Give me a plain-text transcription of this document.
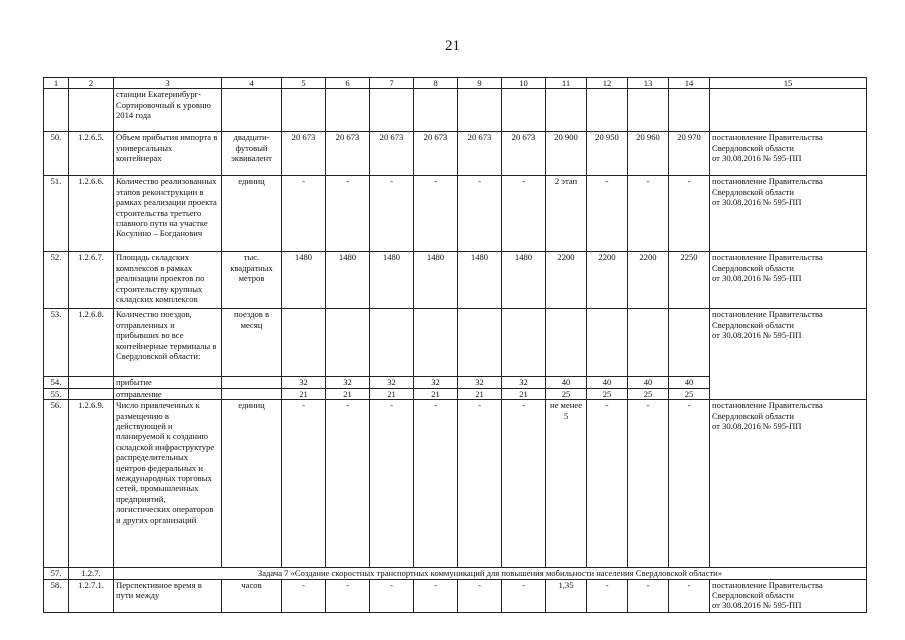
21
1	2	3	4	5	6	7	8	9	10	11	12	13	14	15
		станции Екатеринбург-Сортировочный к уровню 2014 года												
50.	1.2.6.5.	Объем прибытия импорта в универсальных контейнерах	двадцати-футовый эквивалент	20 673	20 673	20 673	20 673	20 673	20 673	20 900	20 950	20 960	20 970	постановление Правительства Свердловской области
от 30.08.2016 № 595-ПП
51.	1.2.6.6.	Количество реализованных этапов реконструкции в рамках реализации проекта строительства третьего главного пути на участке Косулино – Богданович	единиц	-	-	-	-	-	-	2 этап	-	-	-	постановление Правительства Свердловской области
от 30.08.2016 № 595-ПП
52.	1.2.6.7.	Площадь складских комплексов в рамках реализации проектов по строительству крупных складских комплексов	тыс. квадратных метров	1480	1480	1480	1480	1480	1480	2200	2200	2200	2250	постановление Правительства Свердловской области
от 30.08.2016 № 595-ПП
53.	1.2.6.8.	Количество поездов, отправленных и прибывших во все контейнерные терминалы в Свердловской области:	поездов в месяц											постановление Правительства Свердловской области
от 30.08.2016 № 595-ПП
54.		прибытие		32	32	32	32	32	32	40	40	40	40	
55.		отправление		21	21	21	21	21	21	25	25	25	25	
56.	1.2.6.9.	Число привлеченных к размещению в действующей и планируемой к созданию складской инфраструктуре распределительных центров федеральных и международных торговых сетей, промышленных предприятий, логистических операторов и других организаций	единиц	-	-	-	-	-	-	не менее 5	-	-	-	постановление Правительства Свердловской области
от 30.08.2016 № 595-ПП
57.	1.2.7.	Задача 7 «Создание скоростных транспортных коммуникаций для повышения мобильности населения Свердловской области»												
58.	1.2.7.1.	Перспективное время в пути между	часов	-	-	-	-	-	-	1,35	-	-	-	постановление Правительства Свердловской области
от 30.08.2016 № 595-ПП
